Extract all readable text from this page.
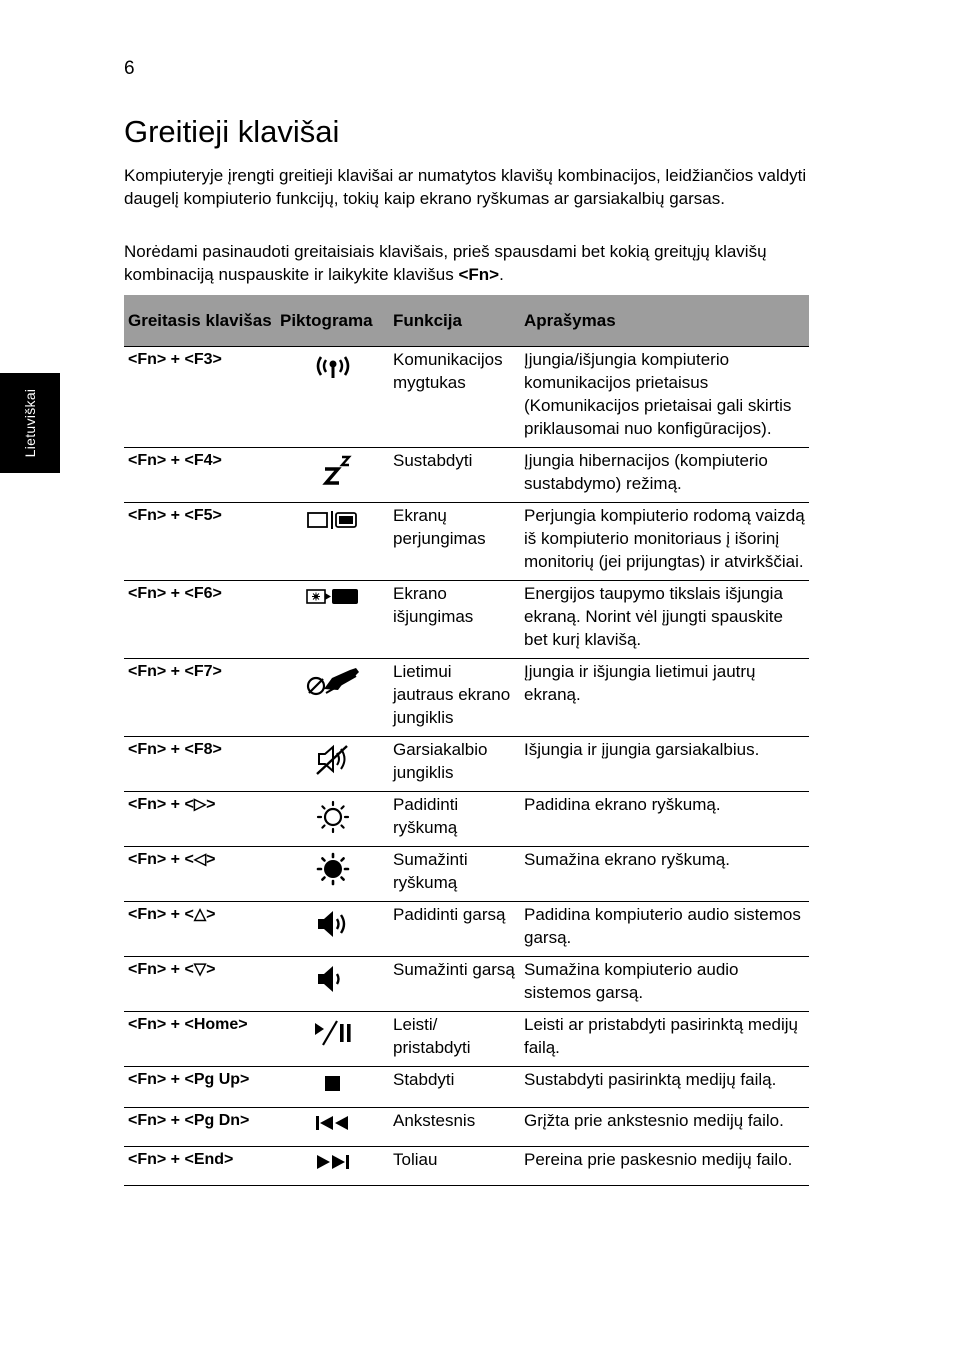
6
Lietuviškai
Greitieji klavišai

Kompiuteryje įrengti greitieji klavišai ar numatytos klavišų kombinacijos, leidžiančios valdyti daugelį kompiuterio funkcijų, tokių kaip ekrano ryškumas ar garsiakalbių garsas.

Norėdami pasinaudoti greitaisiais klavišais, prieš spausdami bet kokią greitųjų klavišų kombinaciją nuspauskite ir laikykite klavišus <Fn>.

Greitasis klavišas	Piktograma	Funkcija	Aprašymas
<Fn> + <F3>		Komunikacijos mygtukas	Įjungia/išjungia kompiuterio komunikacijos prietaisus (Komunikacijos prietaisai gali skirtis priklausomai nuo konfigūracijos).
<Fn> + <F4>		Sustabdyti	Įjungia hibernacijos (kompiuterio sustabdymo) režimą.
<Fn> + <F5>		Ekranų perjungimas	Perjungia kompiuterio rodomą vaizdą iš kompiuterio monitoriaus į išorinį monitorių (jei prijungtas) ir atvirkščiai.
<Fn> + <F6>		Ekrano išjungimas	Energijos taupymo tikslais išjungia ekraną. Norint vėl įjungti spauskite bet kurį klavišą.
<Fn> + <F7>		Lietimui jautraus ekrano jungiklis	Įjungia ir išjungia lietimui jautrų ekraną.
<Fn> + <F8>		Garsiakalbio jungiklis	Išjungia ir įjungia garsiakalbius.
<Fn> + <▷>		Padidinti ryškumą	Padidina ekrano ryškumą.
<Fn> + <◁>		Sumažinti ryškumą	Sumažina ekrano ryškumą.
<Fn> + <△>		Padidinti garsą	Padidina kompiuterio audio sistemos garsą.
<Fn> + <▽>		Sumažinti garsą	Sumažina kompiuterio audio sistemos garsą.
<Fn> + <Home>		Leisti/ pristabdyti	Leisti ar pristabdyti pasirinktą medijų failą.
<Fn> + <Pg Up>		Stabdyti	Sustabdyti pasirinktą medijų failą.
<Fn> + <Pg Dn>		Ankstesnis	Grįžta prie ankstesnio medijų failo.
<Fn> + <End>		Toliau	Pereina prie paskesnio medijų failo.
